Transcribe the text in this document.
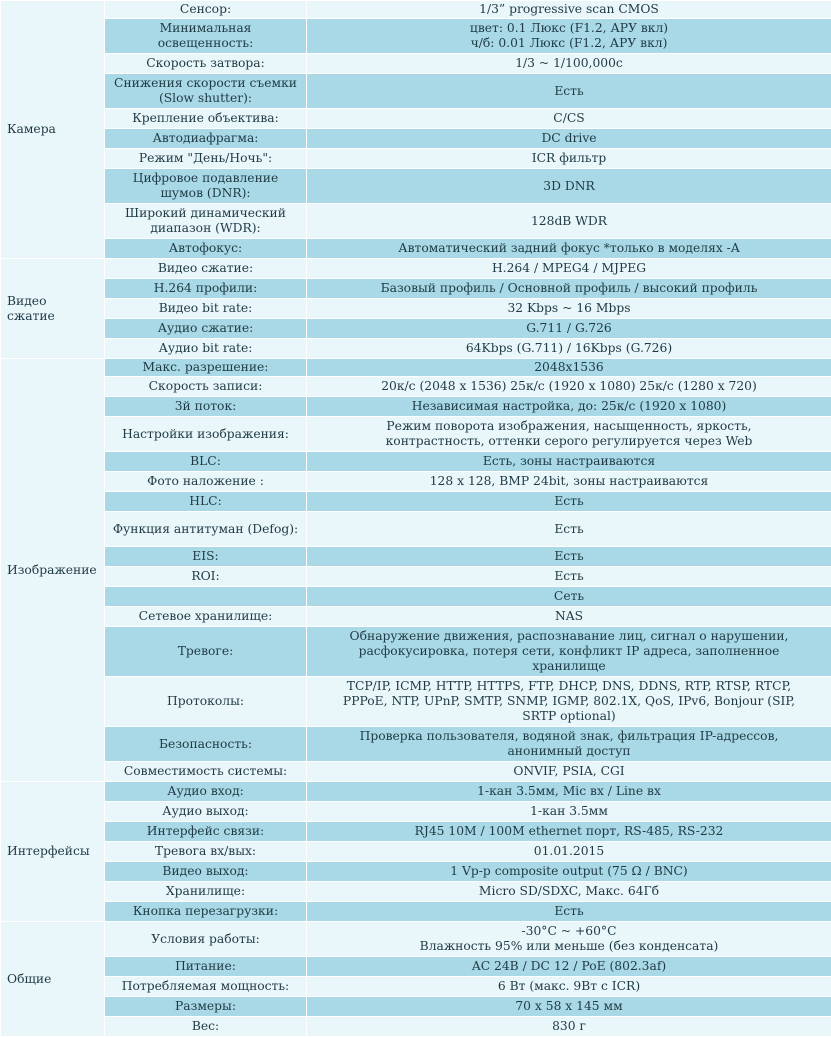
Камера	Сенсор:	1/3” progressive scan CMOS
	Минимальная освещенность:	цвет: 0.1 Люкс (F1.2, АРУ вкл)
ч/б: 0.01 Люкс (F1.2, АРУ вкл)
	Скорость затвора:	1/3 ~ 1/100,000с
	Снижения скорости съемки (Slow shutter):	Есть
	Крепление объектива:	C/CS
	Автодиафрагма:	DC drive
	Режим "День/Ночь":	ICR фильтр
	Цифровое подавление шумов (DNR):	3D DNR
	Широкий динамический диапазон (WDR):	128dB WDR
	Автофокус:	Автоматический задний фокус *только в моделях -A
Видео сжатие	Видео сжатие:	H.264 / MPEG4 / MJPEG
	H.264 профили:	Базовый профиль / Основной профиль / высокий профиль
	Видео bit rate:	32 Kbps ~ 16 Mbps
	Аудио сжатие:	G.711 / G.726
	Аудио bit rate:	64Kbps (G.711) / 16Kbps (G.726)
Изображение	Макс. разрешение:	2048x1536
	Скорость записи:	20к/с (2048 x 1536) 25к/с (1920 x 1080) 25к/с (1280 x 720)
	3й поток:	Независимая настройка, до: 25к/с (1920 x 1080)
	Настройки изображения:	Режим поворота изображения, насыщенность, яркость,
контрастность, оттенки серого регулируется через Web
	BLC:	Есть, зоны настраиваются
	Фото наложение :	128 x 128, BMP 24bit, зоны настраиваются
	HLC:	Есть
	Функция антитуман (Defog):	Есть
	EIS:	Есть
	ROI:	Есть
		Сеть
	Сетевое хранилище:	NAS
	Тревоге:	Обнаружение движения, распознавание лиц, сигнал о нарушении,
расфокусировка, потеря сети, конфликт IP адреса, заполненное
хранилище
	Протоколы:	TCP/IP, ICMP, HTTP, HTTPS, FTP, DHCP, DNS, DDNS, RTP, RTSP, RTCP,
PPPoE, NTP, UPnP, SMTP, SNMP, IGMP, 802.1X, QoS, IPv6, Bonjour (SIP,
SRTP optional)
	Безопасность:	Проверка пользователя, водяной знак, фильтрация IP-адрессов,
анонимный доступ
	Совместимость системы:	ONVIF, PSIA, CGI
Интерфейсы	Аудио вход:	1-кан 3.5мм, Mic вх / Line вх
	Аудио выход:	1-кан 3.5мм
	Интерфейс связи:	RJ45 10M / 100M ethernet порт, RS-485, RS-232
	Тревога вх/вых:	01.01.2015
	Видео выход:	1 Vp-p composite output (75 Ω / BNC)
	Хранилище:	Micro SD/SDXC, Макс. 64Гб
	Кнопка перезагрузки:	Есть
Общие	Условия работы:	-30°C ~ +60°C
Влажность 95% или меньше (без конденсата)
	Питание:	AC 24В / DC 12 / PoE (802.3af)
	Потребляемая мощность:	6 Вт (макс. 9Вт с ICR)
	Размеры:	70 x 58 x 145 мм
	Вес:	830 г
